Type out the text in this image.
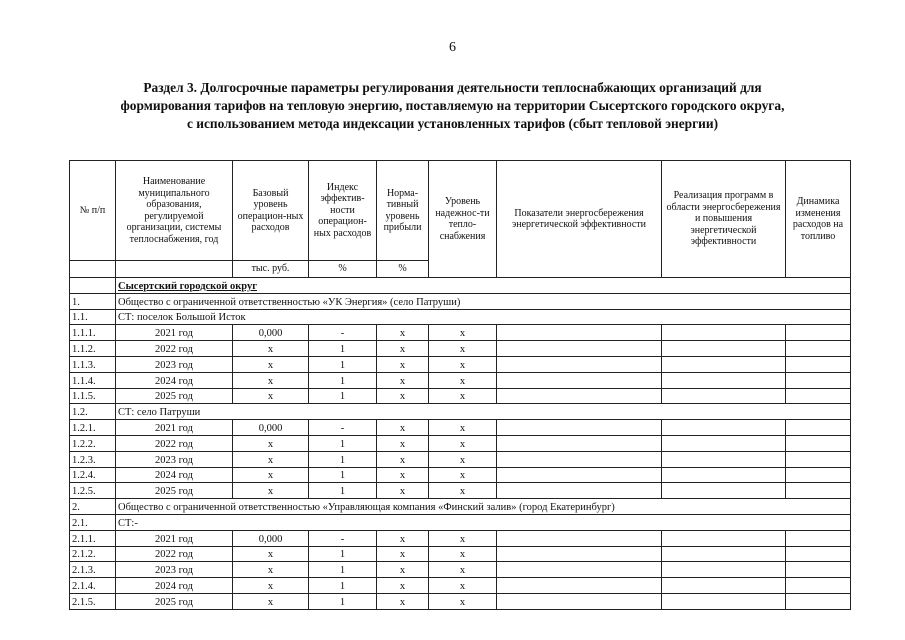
6
Раздел 3. Долгосрочные параметры регулирования деятельности теплоснабжающих организаций для
формирования тарифов на тепловую энергию, поставляемую на территории Сысертского городского округа,
с использованием метода индексации установленных тарифов (сбыт тепловой энергии)
№ п/п	Наименование муниципального образования, регулируемой организации, системы теплоснабжения, год	Базовый уровень операцион-ных расходов	Индекс эффектив-ности операцион-ных расходов	Норма-тивный уровень прибыли	Уровень надежнос-ти тепло-снабжения	Показатели энергосбережения энергетической эффективности	Реализация программ в области энергосбережения и повышения энергетической эффективности	Динамика изменения расходов на топливо
		тыс. руб.	%	%				
	Сысертский городской округ							
1.	Общество с ограниченной ответственностью «УК Энергия» (село Патруши)							
1.1.	СТ: поселок Большой Исток							
1.1.1.	2021 год	0,000	-	x	x			
1.1.2.	2022 год	x	1	x	x			
1.1.3.	2023 год	x	1	x	x			
1.1.4.	2024 год	x	1	x	x			
1.1.5.	2025 год	x	1	x	x			
1.2.	СТ: село Патруши							
1.2.1.	2021 год	0,000	-	x	x			
1.2.2.	2022 год	x	1	x	x			
1.2.3.	2023 год	x	1	x	x			
1.2.4.	2024 год	x	1	x	x			
1.2.5.	2025 год	x	1	x	x			
2.	Общество с ограниченной ответственностью «Управляющая компания «Финский залив» (город Екатеринбург)							
2.1.	СТ:-							
2.1.1.	2021 год	0,000	-	x	x			
2.1.2.	2022 год	x	1	x	x			
2.1.3.	2023 год	x	1	x	x			
2.1.4.	2024 год	x	1	x	x			
2.1.5.	2025 год	x	1	x	x			
